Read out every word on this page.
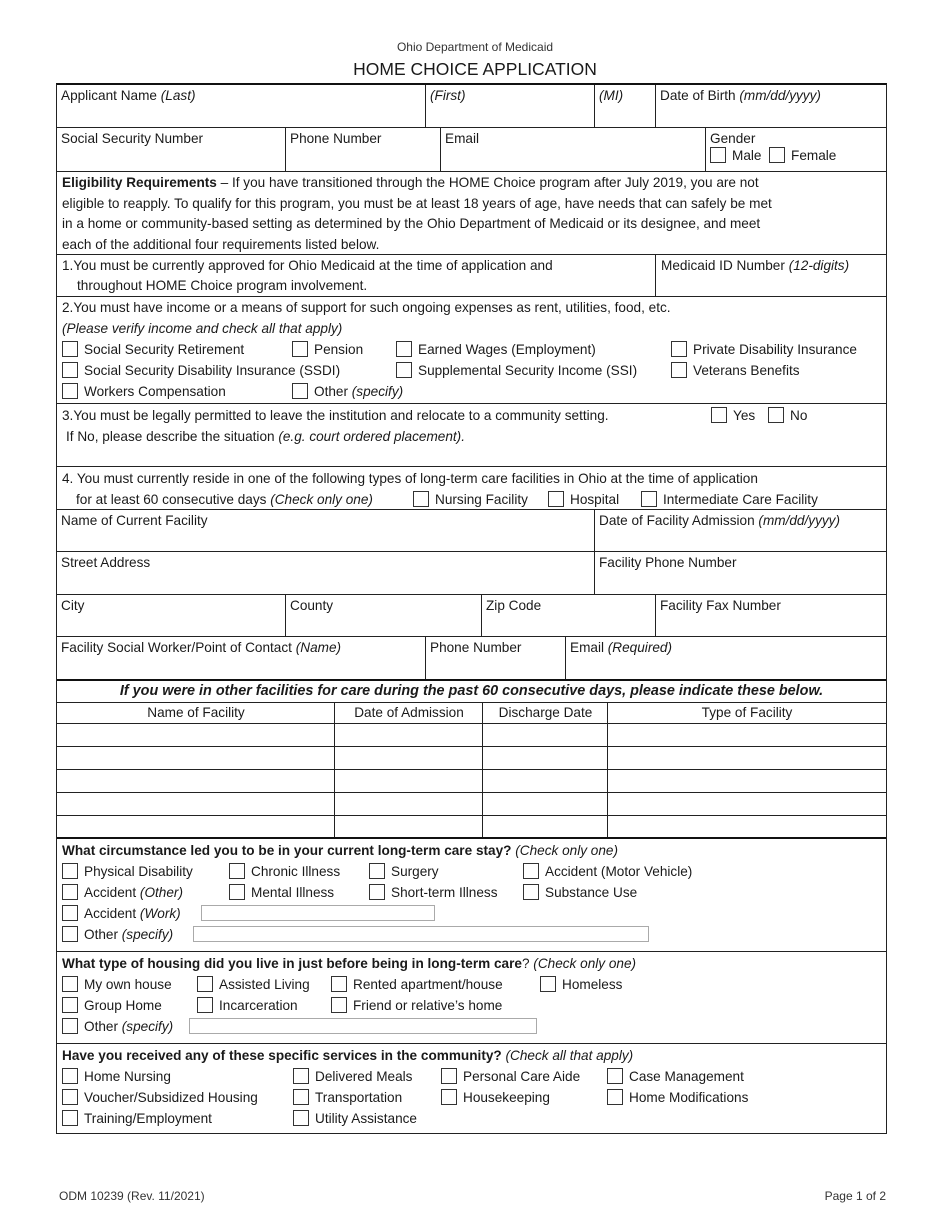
Ohio Department of Medicaid
HOME CHOICE APPLICATION
Applicant Name (Last)	(First)	(MI)	Date of Birth (mm/dd/yyyy)
Social Security Number	Phone Number	Email	Gender
Male Female
Eligibility Requirements – If you have transitioned through the HOME Choice program after July 2019, you are not
eligible to reapply. To qualify for this program, you must be at least 18 years of age, have needs that can safely be met
in a home or community-based setting as determined by the Ohio Department of Medicaid or its designee, and meet
each of the additional four requirements listed below.
1.You must be currently approved for Ohio Medicaid at the time of application and
throughout HOME Choice program involvement.
Medicaid ID Number (12-digits)
2.You must have income or a means of support for such ongoing expenses as rent, utilities, food, etc.
(Please verify income and check all that apply)
Social Security Retirement	Pension	Earned Wages (Employment)	Private Disability Insurance
Social Security Disability Insurance (SSDI)	Supplemental Security Income (SSI)	Veterans Benefits
Workers Compensation	Other (specify)
3.You must be legally permitted to leave the institution and relocate to a community setting.	Yes	No
If No, please describe the situation (e.g. court ordered placement).
4. You must currently reside in one of the following types of long-term care facilities in Ohio at the time of application
for at least 60 consecutive days (Check only one)	Nursing Facility	Hospital	Intermediate Care Facility
Name of Current Facility	Date of Facility Admission (mm/dd/yyyy)
Street Address	Facility Phone Number
City	County	Zip Code	Facility Fax Number
Facility Social Worker/Point of Contact (Name)	Phone Number	Email (Required)
If you were in other facilities for care during the past 60 consecutive days, please indicate these below.
Name of Facility	Date of Admission	Discharge Date	Type of Facility
What circumstance led you to be in your current long-term care stay? (Check only one)
Physical Disability	Chronic Illness	Surgery	Accident (Motor Vehicle)
Accident (Other)	Mental Illness	Short-term Illness	Substance Use
Accident (Work)
Other (specify)
What type of housing did you live in just before being in long-term care? (Check only one)
My own house	Assisted Living	Rented apartment/house	Homeless
Group Home	Incarceration	Friend or relative’s home
Other (specify)
Have you received any of these specific services in the community? (Check all that apply)
Home Nursing	Delivered Meals	Personal Care Aide	Case Management
Voucher/Subsidized Housing	Transportation	Housekeeping	Home Modifications
Training/Employment	Utility Assistance
ODM 10239 (Rev. 11/2021)	Page 1 of 2
